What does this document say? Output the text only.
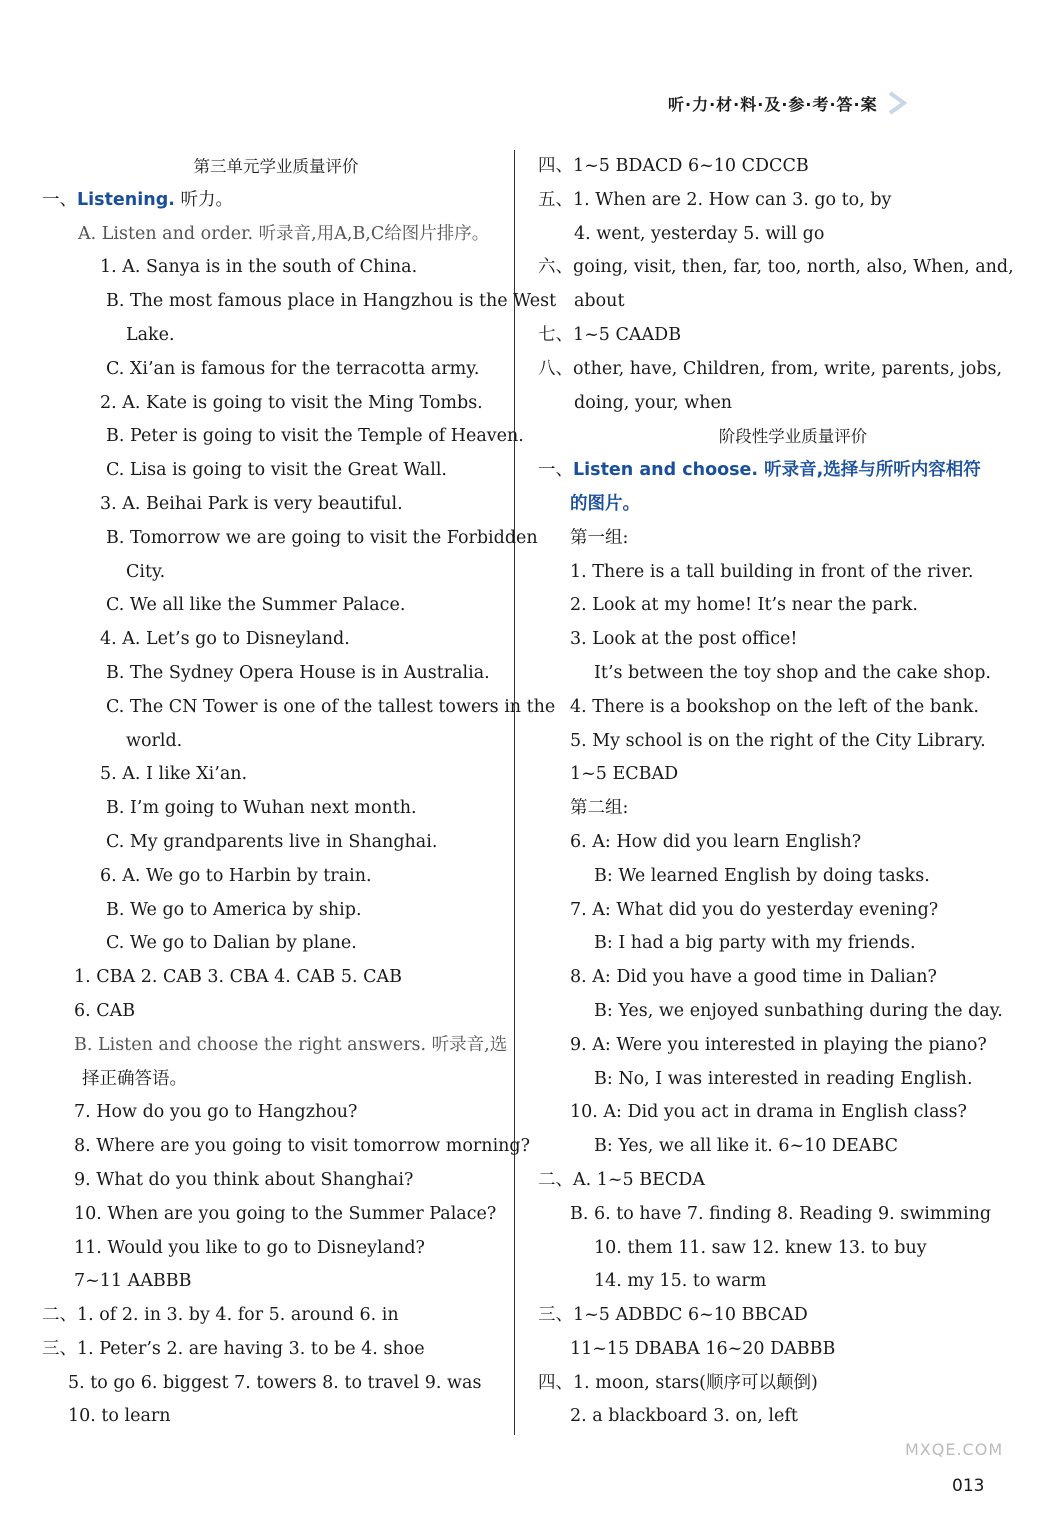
听·力·材·料·及·参·考·答·案
第三单元学业质量评价
一、Listening. 听力。
A. Listen and order. 听录音,用A,B,C给图片排序。
1. A. Sanya is in the south of China.
B. The most famous place in Hangzhou is the West
Lake.
C. Xi’an is famous for the terracotta army.
2. A. Kate is going to visit the Ming Tombs.
B. Peter is going to visit the Temple of Heaven.
C. Lisa is going to visit the Great Wall.
3. A. Beihai Park is very beautiful.
B. Tomorrow we are going to visit the Forbidden
City.
C. We all like the Summer Palace.
4. A. Let’s go to Disneyland.
B. The Sydney Opera House is in Australia.
C. The CN Tower is one of the tallest towers in the
world.
5. A. I like Xi’an.
B. I’m going to Wuhan next month.
C. My grandparents live in Shanghai.
6. A. We go to Harbin by train.
B. We go to America by ship.
C. We go to Dalian by plane.
1. CBA 2. CAB 3. CBA 4. CAB 5. CAB
6. CAB
B. Listen and choose the right answers. 听录音,选
择正确答语。
7. How do you go to Hangzhou?
8. Where are you going to visit tomorrow morning?
9. What do you think about Shanghai?
10. When are you going to the Summer Palace?
11. Would you like to go to Disneyland?
7~11 AABBB
二、1. of 2. in 3. by 4. for 5. around 6. in
三、1. Peter’s 2. are having 3. to be 4. shoe
5. to go 6. biggest 7. towers 8. to travel 9. was
10. to learn
四、1~5 BDACD 6~10 CDCCB
五、1. When are 2. How can 3. go to, by
4. went, yesterday 5. will go
六、going, visit, then, far, too, north, also, When, and,
about
七、1~5 CAADB
八、other, have, Children, from, write, parents, jobs,
doing, your, when
阶段性学业质量评价
一、Listen and choose. 听录音,选择与所听内容相符
的图片。
第一组:
1. There is a tall building in front of the river.
2. Look at my home! It’s near the park.
3. Look at the post office!
It’s between the toy shop and the cake shop.
4. There is a bookshop on the left of the bank.
5. My school is on the right of the City Library.
1~5 ECBAD
第二组:
6. A: How did you learn English?
B: We learned English by doing tasks.
7. A: What did you do yesterday evening?
B: I had a big party with my friends.
8. A: Did you have a good time in Dalian?
B: Yes, we enjoyed sunbathing during the day.
9. A: Were you interested in playing the piano?
B: No, I was interested in reading English.
10. A: Did you act in drama in English class?
B: Yes, we all like it. 6~10 DEABC
二、A. 1~5 BECDA
B. 6. to have 7. finding 8. Reading 9. swimming
10. them 11. saw 12. knew 13. to buy
14. my 15. to warm
三、1~5 ADBDC 6~10 BBCAD
11~15 DBABA 16~20 DABBB
四、1. moon, stars(顺序可以颠倒)
2. a blackboard 3. on, left
MXQE.COM
013
